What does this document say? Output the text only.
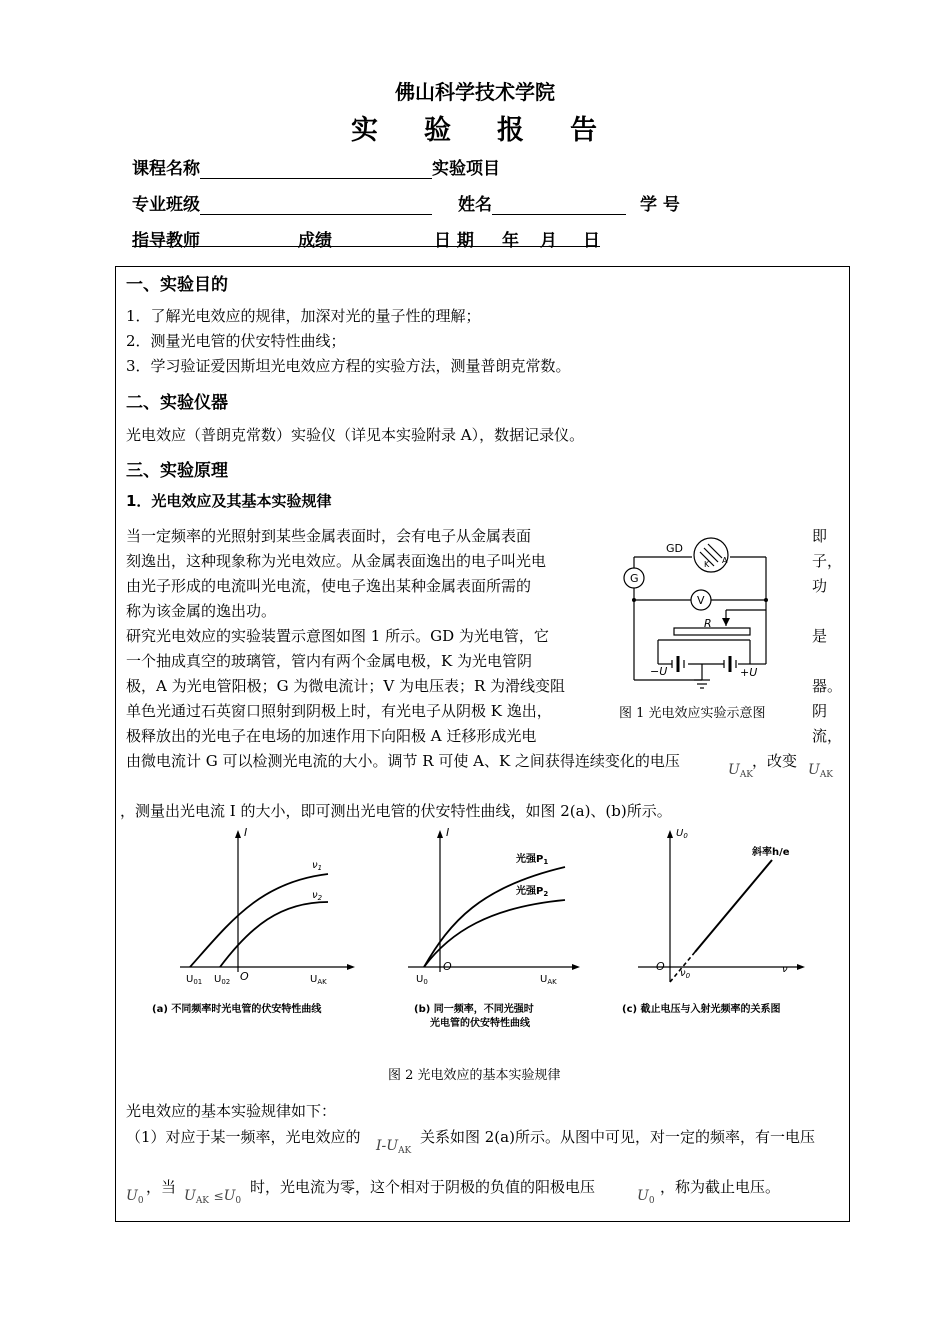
佛山科学技术学院
实 验 报 告
课程名称	实验项目
专业班级	姓名	学 号
指导教师	成绩	日 期 年 月 日
一、实验目的
1．了解光电效应的规律，加深对光的量子性的理解；
2．测量光电管的伏安特性曲线；
3．学习验证爱因斯坦光电效应方程的实验方法，测量普朗克常数。
二、实验仪器
光电效应（普朗克常数）实验仪（详见本实验附录 A），数据记录仪。
三、实验原理
1．光电效应及其基本实验规律
当一定频率的光照射到某些金属表面时，会有电子从金属表面
刻逸出，这种现象称为光电效应。从金属表面逸出的电子叫光电
由光子形成的电流叫光电流，使电子逸出某种金属表面所需的
称为该金属的逸出功。
研究光电效应的实验装置示意图如图 1 所示。GD 为光电管，它
一个抽成真空的玻璃管，管内有两个金属电极，K 为光电管阴
极，A 为光电管阳极；G 为微电流计；V 为电压表；R 为滑线变阻
单色光通过石英窗口照射到阴极上时，有光电子从阴极 K 逸出，
极释放出的光电子在电场的加速作用下向阳极 A 迁移形成光电
即
子，
功
是
器。
阴
流，
GD
G
V
R
A
K
−U	+U
图 1 光电效应实验示意图
由微电流计 G 可以检测光电流的大小。调节 R 可使 A、K 之间获得连续变化的电压	$U_{AK}$
，改变 $U_{AK}$
，测量出光电流 I 的大小，即可测出光电管的伏安特性曲线，如图 2(a)、(b)所示。
I
$U_{AK}$
O
$U_{01}$ $U_{02}$
$\nu_1$
$\nu_2$
(a) 不同频率时光电管的伏安特性曲线
I
$U_{AK}$
O
$U_0$
光强$P_1$
光强$P_2$
(b) 同一频率，不同光强时
光电管的伏安特性曲线
$U_0$
ν
O
$\nu_0$
斜率h/e
(c) 截止电压与入射光频率的关系图
图 2 光电效应的基本实验规律
光电效应的基本实验规律如下：
（1）对应于某一频率，光电效应的 $I-U_{AK}$
关系如图 2(a)所示。从图中可见，对一定的频率，有一电压
$U_0$
，当 $U_{AK} \le U_0$
时，光电流为零，这个相对于阴极的负值的阳极电压	$U_0$
，称为截止电压。
